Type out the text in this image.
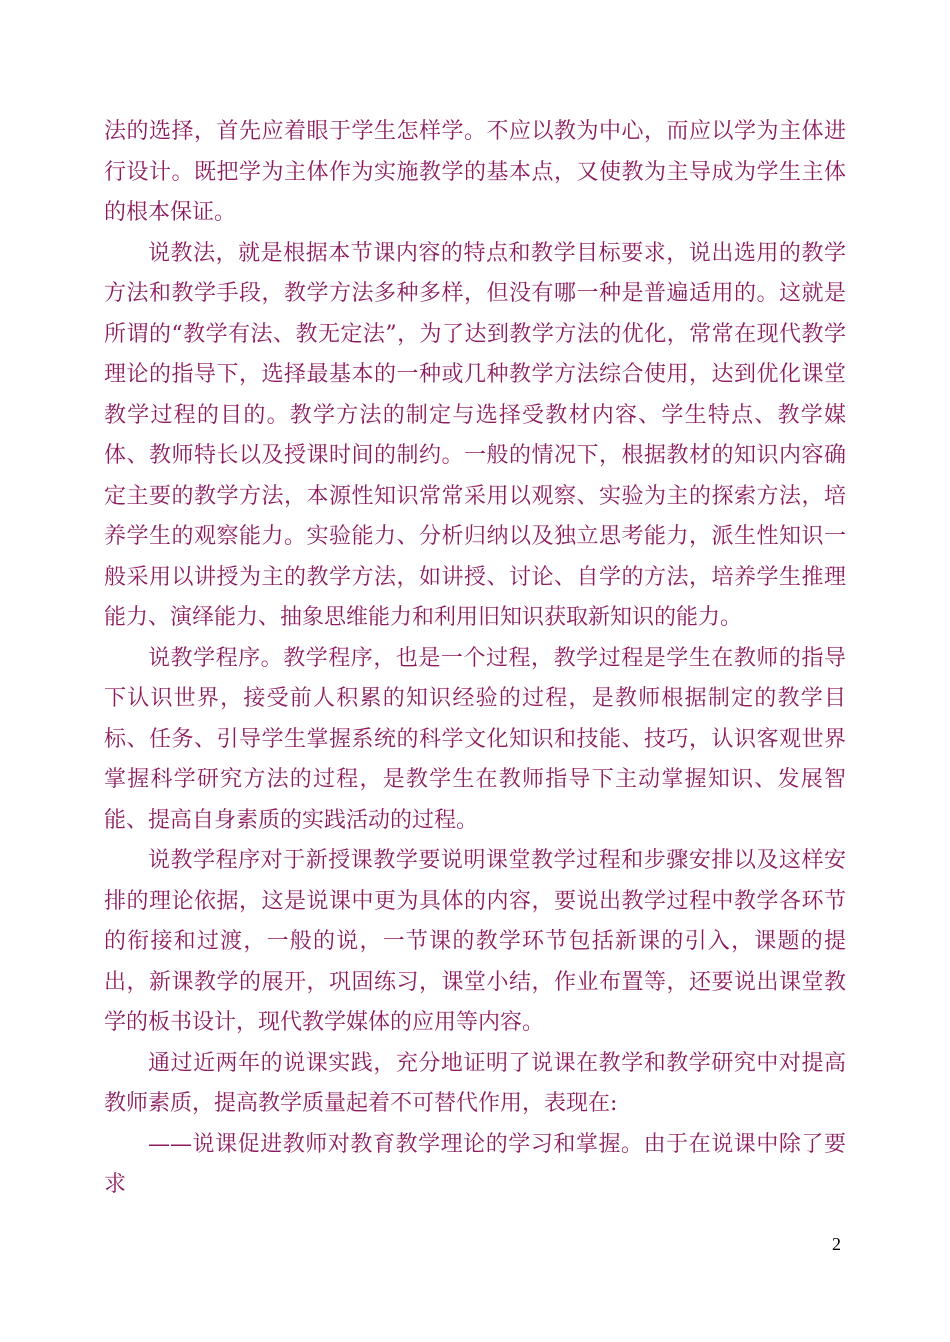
法的选择，首先应着眼于学生怎样学。不应以教为中心，而应以学为主体进行设计。既把学为主体作为实施教学的基本点，又使教为主导成为学生主体的根本保证。

说教法，就是根据本节课内容的特点和教学目标要求，说出选用的教学方法和教学手段，教学方法多种多样，但没有哪一种是普遍适用的。这就是所谓的“教学有法、教无定法”，为了达到教学方法的优化，常常在现代教学理论的指导下，选择最基本的一种或几种教学方法综合使用，达到优化课堂教学过程的目的。教学方法的制定与选择受教材内容、学生特点、教学媒体、教师特长以及授课时间的制约。一般的情况下，根据教材的知识内容确定主要的教学方法，本源性知识常常采用以观察、实验为主的探索方法，培养学生的观察能力。实验能力、分析归纳以及独立思考能力，派生性知识一般采用以讲授为主的教学方法，如讲授、讨论、自学的方法，培养学生推理能力、演绎能力、抽象思维能力和利用旧知识获取新知识的能力。

说教学程序。教学程序，也是一个过程，教学过程是学生在教师的指导下认识世界，接受前人积累的知识经验的过程，是教师根据制定的教学目标、任务、引导学生掌握系统的科学文化知识和技能、技巧，认识客观世界掌握科学研究方法的过程，是教学生在教师指导下主动掌握知识、发展智能、提高自身素质的实践活动的过程。

说教学程序对于新授课教学要说明课堂教学过程和步骤安排以及这样安排的理论依据，这是说课中更为具体的内容，要说出教学过程中教学各环节的衔接和过渡，一般的说，一节课的教学环节包括新课的引入，课题的提出，新课教学的展开，巩固练习，课堂小结，作业布置等，还要说出课堂教学的板书设计，现代教学媒体的应用等内容。

通过近两年的说课实践，充分地证明了说课在教学和教学研究中对提高教师素质，提高教学质量起着不可替代作用，表现在:

——说课促进教师对教育教学理论的学习和掌握。由于在说课中除了要求

2
